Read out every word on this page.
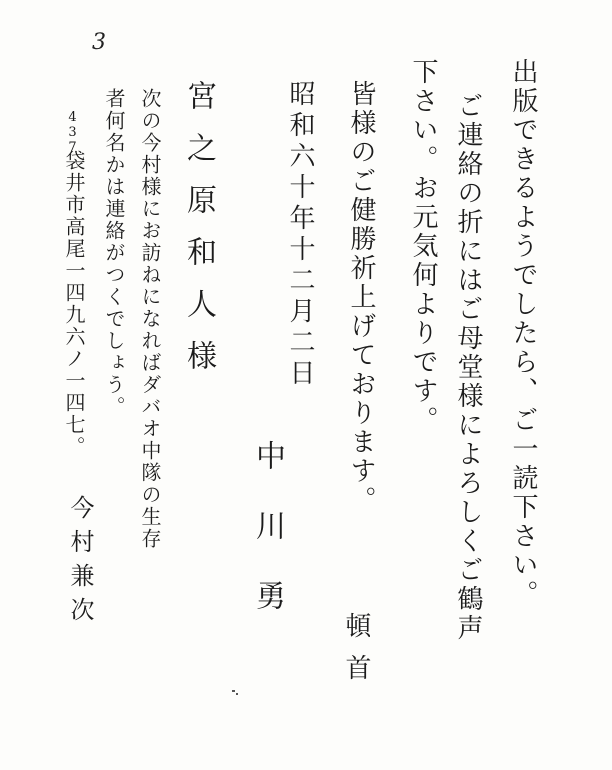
3
出版できるようでしたら、ご一読下さい。
ご連絡の折にはご母堂様によろしくご鶴声
下さい。お元気何よりです。
皆様のご健勝祈上げております。
昭和六十年十二月二日
頓首
中川勇
宮之原和人様
次の今村様にお訪ねになればダバオ中隊の生存
者何名かは連絡がつくでしょう。
437
袋井市高尾一四九六ノ一四七。
今村兼次
